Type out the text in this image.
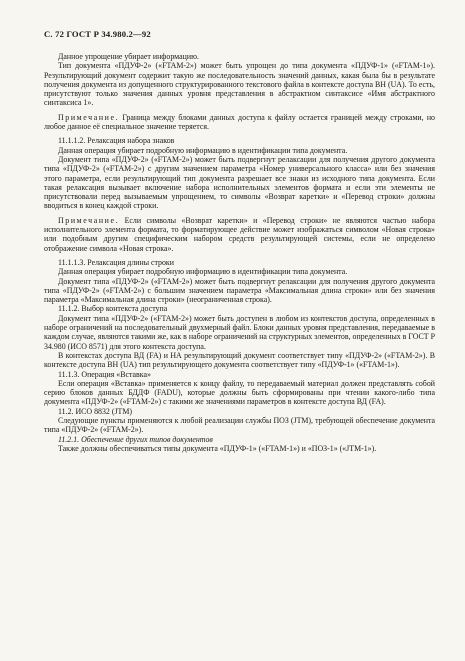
С. 72 ГОСТ Р 34.980.2—92

Данное упрощение убирает информацию.

Тип документа «ПДУФ-2» («FTAM-2») может быть упрощен до типа документа «ПДУФ-1» («FTAM-1»). Результирующий документ содержит такую же последовательность значений данных, какая была бы в результате получения документа из допущенного структурированного текстового файла в контексте доступа ВН (UA). То есть, присутствуют только значения данных уровня представления в абстрактном синтаксисе «Имя абстрактного синтаксиса 1».

Примечание. Граница между блоками данных доступа к файлу остается границей между строками, но любое данное её специальное значение теряется.

11.1.1.2. Релаксация набора знаков

Данная операция убирает подробную информацию в идентификации типа документа.

Документ типа «ПДУФ-2» («FTAM-2») может быть подвергнут релаксации для получения другого документа типа «ПДУФ-2» («FTAM-2») с другим значением параметра «Номер универсального класса» или без значения этого параметра, если результирующий тип документа разрешает все знаки из исходного типа документа. Если такая релаксация вызывает включение набора исполнительных элементов формата и если эти элементы не присутствовали перед вызываемым упрощением, то символы «Возврат каретки» и «Перевод строки» должны вводиться в конец каждой строки.

Примечание. Если символы «Возврат каретки» и «Перевод строки» не являются частью набора исполнительного элемента формата, то форматирующее действие может изображаться символом «Новая строка» или подобным другим специфическим набором средств результирующей системы, если не определено отображение символа «Новая строка».

11.1.1.3. Релаксация длины строки

Данная операция убирает подробную информацию в идентификации типа документа.

Документ типа «ПДУФ-2» («FTAM-2») может быть подвергнут релаксации для получения другого документа типа «ПДУФ-2» («FTAM-2») с большим значением параметра «Максимальная длина строки» или без значения параметра «Максимальная длина строки» (неограниченная строка).

11.1.2. Выбор контекста доступа

Документ типа «ПДУФ-2» («FTAM-2») может быть доступен в любом из контекстов доступа, определенных в наборе ограничений на последовательный двухмерный файл. Блоки данных уровня представления, передаваемые в каждом случае, являются такими же, как в наборе ограничений на структурных элементов, определенных в ГОСТ Р 34.980 (ИСО 8571) для этого контекста доступа.

В контекстах доступа ВД (FA) и НА результирующий документ соответствует типу «ПДУФ-2» («FTAM-2»). В контексте доступа ВН (UA) тип результирующего документа соответствует типу «ПДУФ-1» («FTAM-1»).

11.1.3. Операция «Вставка»

Если операция «Вставка» применяется к концу файлу, то передаваемый материал должен представлять собой серию блоков данных БДДФ (FADU), которые должны быть сформированы при чтении какого-либо типа документа «ПДУФ-2» («FTAM-2») с такими же значениями параметров в контексте доступа ВД (FA).

11.2. ИСО 8832 (JTM)

Следующие пункты применяются к любой реализации службы ПОЗ (JTM), требующей обеспечение документа типа «ПДУФ-2» («FTAM-2»).

11.2.1. Обеспечение других типов документов

Также должны обеспечиваться типы документа «ПДУФ-1» («FTAM-1») и «ПОЗ-1» («JTM-1»).
